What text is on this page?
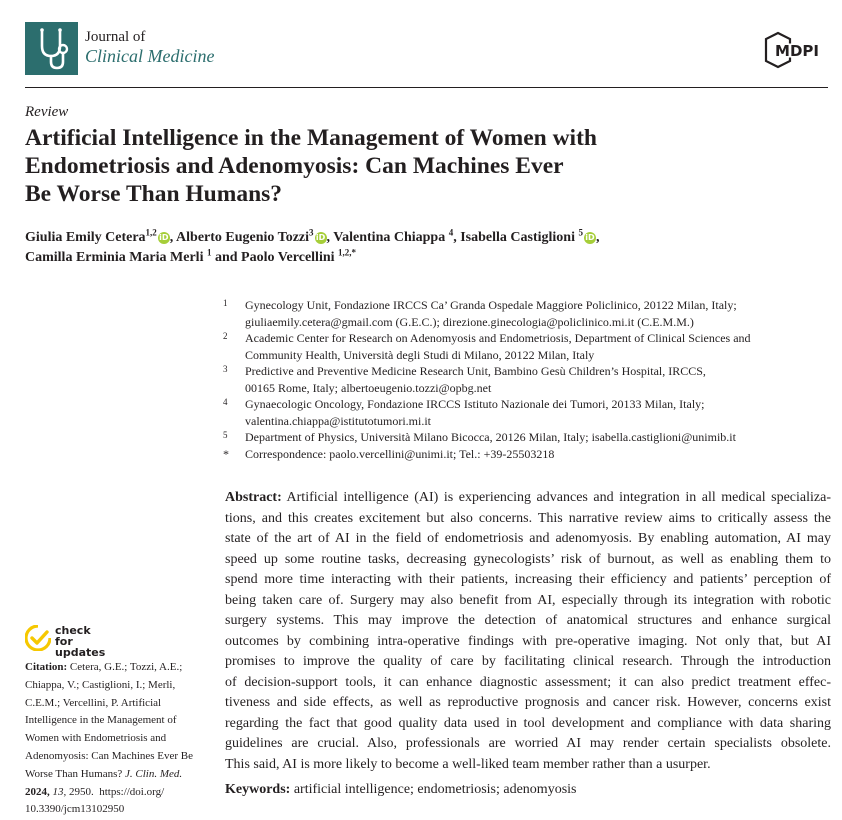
Journal of
Clinical Medicine	MDPI
Review
Artificial Intelligence in the Management of Women with
Endometriosis and Adenomyosis: Can Machines Ever
Be Worse Than Humans?
Giulia Emily Cetera$^{1,2}$iD, Alberto Eugenio Tozzi$^3$iD, Valentina Chiappa $^4$, Isabella Castiglioni $^5$iD,
Camilla Erminia Maria Merli $^1$ and Paolo Vercellini $^{1,2,*}$
1 Gynecology Unit, Fondazione IRCCS Ca’ Granda Ospedale Maggiore Policlinico, 20122 Milan, Italy;
giuliaemily.cetera@gmail.com (G.E.C.); direzione.ginecologia@policlinico.mi.it (C.E.M.M.)
2 Academic Center for Research on Adenomyosis and Endometriosis, Department of Clinical Sciences and
Community Health, Università degli Studi di Milano, 20122 Milan, Italy
3 Predictive and Preventive Medicine Research Unit, Bambino Gesù Children’s Hospital, IRCCS,
00165 Rome, Italy; albertoeugenio.tozzi@opbg.net
4 Gynaecologic Oncology, Fondazione IRCCS Istituto Nazionale dei Tumori, 20133 Milan, Italy;
valentina.chiappa@istitutotumori.mi.it
5 Department of Physics, Università Milano Bicocca, 20126 Milan, Italy; isabella.castiglioni@unimib.it
* Correspondence: paolo.vercellini@unimi.it; Tel.: +39-25503218
Abstract: Artificial intelligence (AI) is experiencing advances and integration in all medical specializa-
tions, and this creates excitement but also concerns. This narrative review aims to critically assess the
state of the art of AI in the field of endometriosis and adenomyosis. By enabling automation, AI may
speed up some routine tasks, decreasing gynecologists’ risk of burnout, as well as enabling them to
spend more time interacting with their patients, increasing their efficiency and patients’ perception of
being taken care of. Surgery may also benefit from AI, especially through its integration with robotic
surgery systems. This may improve the detection of anatomical structures and enhance surgical
outcomes by combining intra-operative findings with pre-operative imaging. Not only that, but AI
promises to improve the quality of care by facilitating clinical research. Through the introduction
of decision-support tools, it can enhance diagnostic assessment; it can also predict treatment effec-
tiveness and side effects, as well as reproductive prognosis and cancer risk. However, concerns exist
regarding the fact that good quality data used in tool development and compliance with data sharing
guidelines are crucial. Also, professionals are worried AI may render certain specialists obsolete.
This said, AI is more likely to become a well-liked team member rather than a usurper.
Keywords: artificial intelligence; endometriosis; adenomyosis
check for
updates
Citation: Cetera, G.E.; Tozzi, A.E.;
Chiappa, V.; Castiglioni, I.; Merli,
C.E.M.; Vercellini, P. Artificial
Intelligence in the Management of
Women with Endometriosis and
Adenomyosis: Can Machines Ever Be
Worse Than Humans? J. Clin. Med.
2024, 13, 2950. https://doi.org/
10.3390/jcm13102950
